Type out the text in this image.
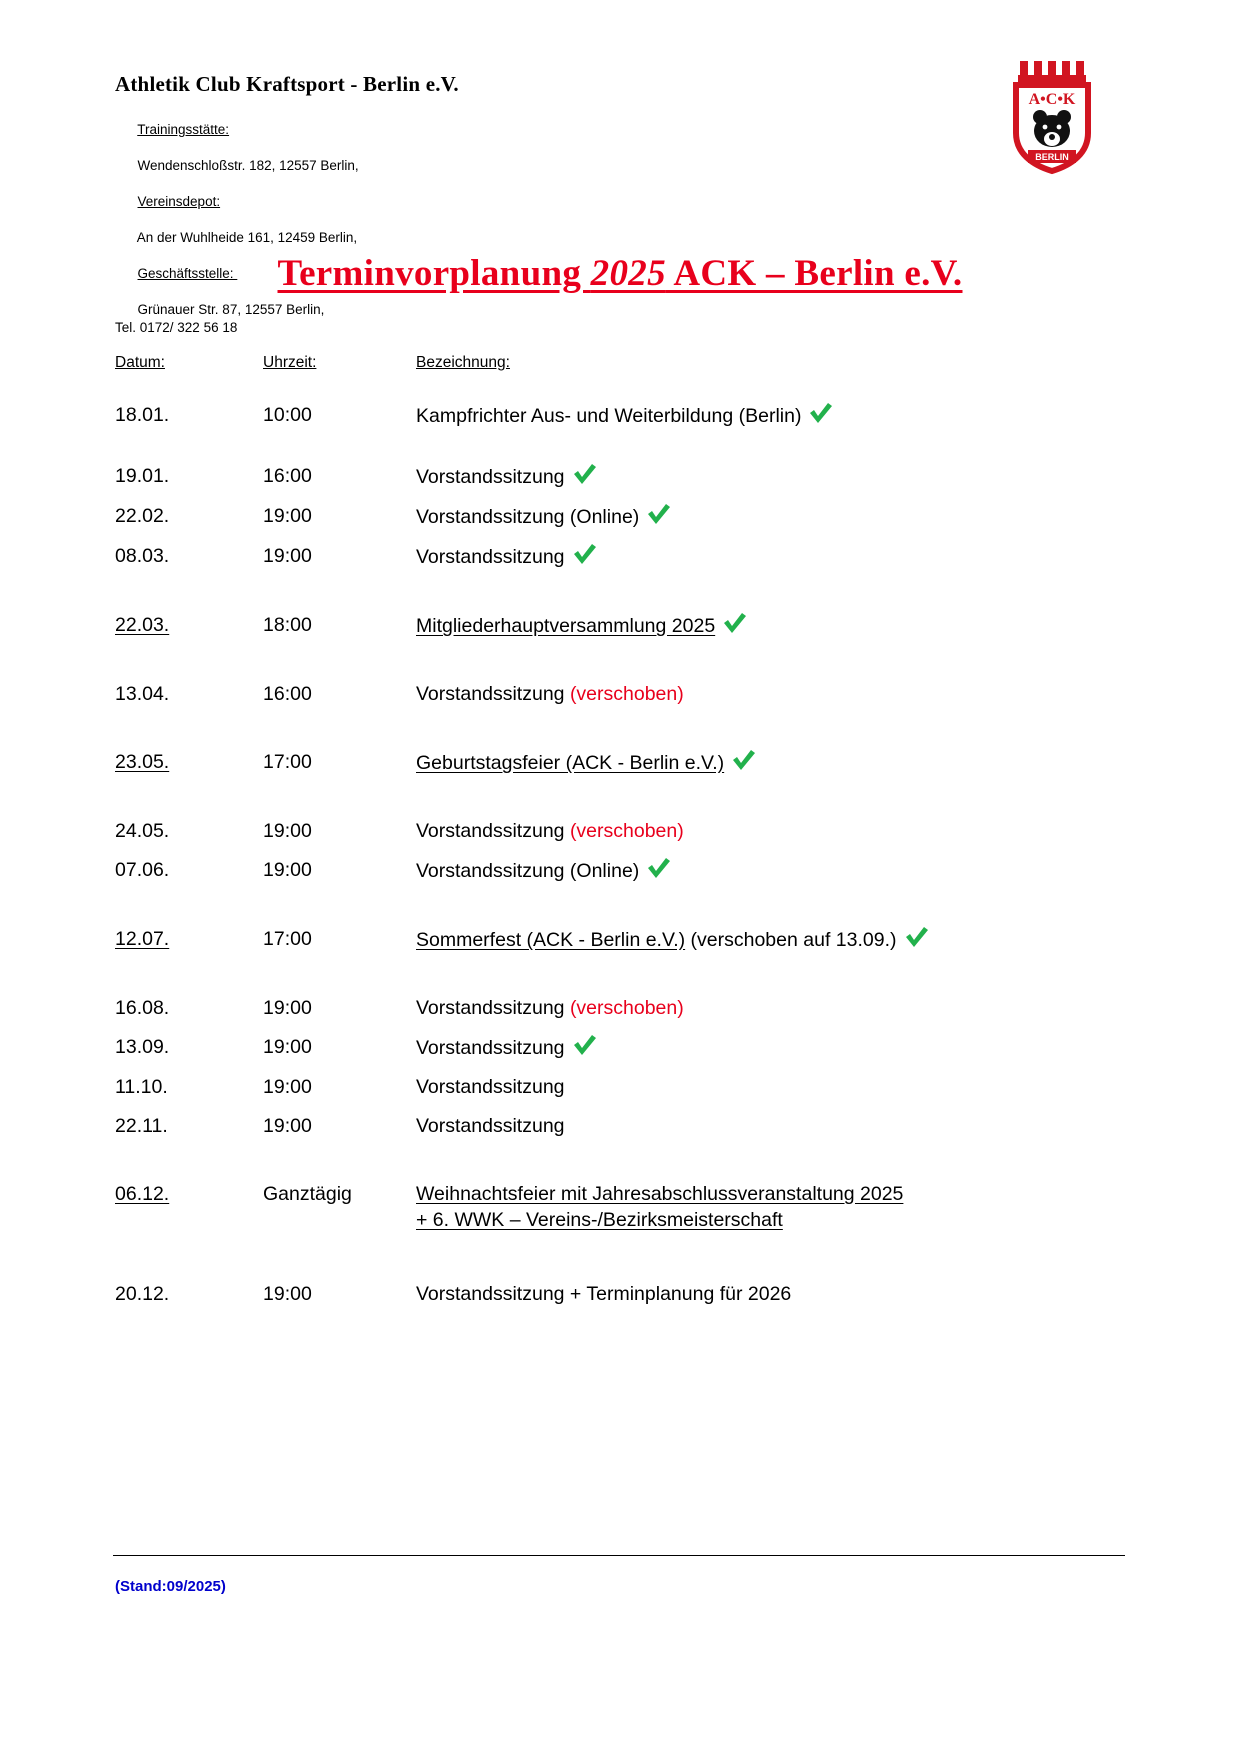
Athletik Club Kraftsport - Berlin e.V.

Trainingsstätte:

Wendenschloßstr. 182, 12557 Berlin,

Vereinsdepot:

An der Wuhlheide 161, 12459 Berlin,

Geschäftsstelle:

Grünauer Str. 87, 12557 Berlin,
Tel. 0172/ 322 56 18

A•C•K
BERLIN
Terminvorplanung 2025 ACK – Berlin e.V.
Datum:	Uhrzeit:	Bezeichnung:
18.01.	10:00	Kampfrichter Aus- und Weiterbildung (Berlin)
19.01.	16:00	Vorstandssitzung
22.02.	19:00	Vorstandssitzung (Online)
08.03.	19:00	Vorstandssitzung
22.03.	18:00	Mitgliederhauptversammlung 2025
13.04.	16:00	Vorstandssitzung (verschoben)
23.05.	17:00	Geburtstagsfeier (ACK - Berlin e.V.)
24.05.	19:00	Vorstandssitzung (verschoben)
07.06.	19:00	Vorstandssitzung (Online)
12.07.	17:00	Sommerfest (ACK - Berlin e.V.) (verschoben auf 13.09.)
16.08.	19:00	Vorstandssitzung (verschoben)
13.09.	19:00	Vorstandssitzung
11.10.	19:00	Vorstandssitzung
22.11.	19:00	Vorstandssitzung
06.12.	Ganztägig	Weihnachtsfeier mit Jahresabschlussveranstaltung 2025
+ 6. WWK – Vereins-/Bezirksmeisterschaft
20.12.	19:00	Vorstandssitzung + Terminplanung für 2026
(Stand:09/2025)
